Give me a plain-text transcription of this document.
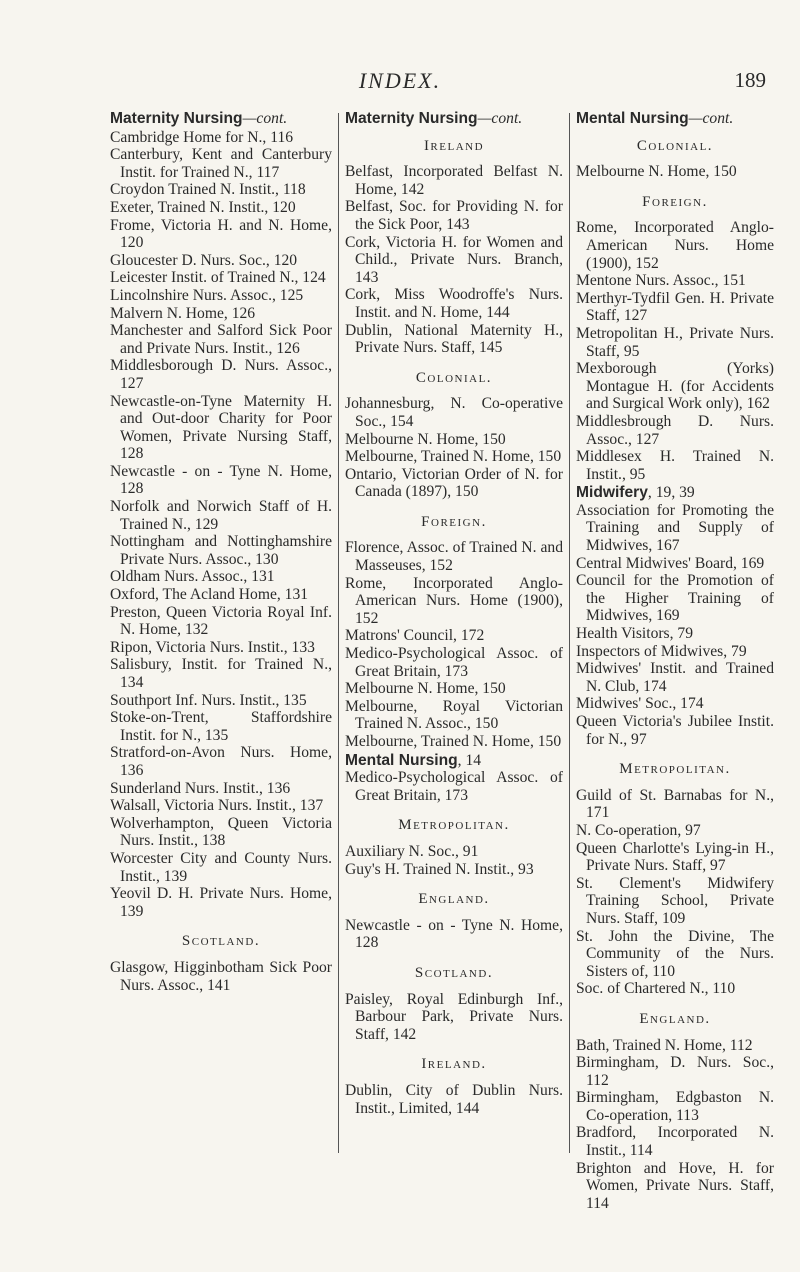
INDEX.	189
Maternity Nursing—cont.

Cambridge Home for N., 116

Canterbury, Kent and Canterbury Instit. for Trained N., 117

Croydon Trained N. Instit., 118

Exeter, Trained N. Instit., 120

Frome, Victoria H. and N. Home, 120

Gloucester D. Nurs. Soc., 120

Leicester Instit. of Trained N., 124

Lincolnshire Nurs. Assoc., 125

Malvern N. Home, 126

Manchester and Salford Sick Poor and Private Nurs. Instit., 126

Middlesborough D. Nurs. Assoc., 127

Newcastle-on-Tyne Maternity H. and Out-door Charity for Poor Women, Private Nursing Staff, 128

Newcastle - on - Tyne N. Home, 128

Norfolk and Norwich Staff of H. Trained N., 129

Nottingham and Nottinghamshire Private Nurs. Assoc., 130

Oldham Nurs. Assoc., 131

Oxford, The Acland Home, 131

Preston, Queen Victoria Royal Inf. N. Home, 132

Ripon, Victoria Nurs. Instit., 133

Salisbury, Instit. for Trained N., 134

Southport Inf. Nurs. Instit., 135

Stoke-on-Trent, Staffordshire Instit. for N., 135

Stratford-on-Avon Nurs. Home, 136

Sunderland Nurs. Instit., 136

Walsall, Victoria Nurs. Instit., 137

Wolverhampton, Queen Victoria Nurs. Instit., 138

Worcester City and County Nurs. Instit., 139

Yeovil D. H. Private Nurs. Home, 139

Scotland.

Glasgow, Higginbotham Sick Poor Nurs. Assoc., 141

Maternity Nursing—cont.
Ireland

Belfast, Incorporated Belfast N. Home, 142

Belfast, Soc. for Providing N. for the Sick Poor, 143

Cork, Victoria H. for Women and Child., Private Nurs. Branch, 143

Cork, Miss Woodroffe's Nurs. Instit. and N. Home, 144

Dublin, National Maternity H., Private Nurs. Staff, 145

Colonial.

Johannesburg, N. Co-operative Soc., 154

Melbourne N. Home, 150

Melbourne, Trained N. Home, 150

Ontario, Victorian Order of N. for Canada (1897), 150

Foreign.

Florence, Assoc. of Trained N. and Masseuses, 152

Rome, Incorporated Anglo-American Nurs. Home (1900), 152

Matrons' Council, 172

Medico-Psychological Assoc. of Great Britain, 173

Melbourne N. Home, 150

Melbourne, Royal Victorian Trained N. Assoc., 150

Melbourne, Trained N. Home, 150

Mental Nursing, 14

Medico-Psychological Assoc. of Great Britain, 173

Metropolitan.

Auxiliary N. Soc., 91

Guy's H. Trained N. Instit., 93

England.

Newcastle - on - Tyne N. Home, 128

Scotland.

Paisley, Royal Edinburgh Inf., Barbour Park, Private Nurs. Staff, 142

Ireland.

Dublin, City of Dublin Nurs. Instit., Limited, 144

Mental Nursing—cont.
Colonial.

Melbourne N. Home, 150

Foreign.

Rome, Incorporated Anglo-American Nurs. Home (1900), 152

Mentone Nurs. Assoc., 151

Merthyr-Tydfil Gen. H. Private Staff, 127

Metropolitan H., Private Nurs. Staff, 95

Mexborough (Yorks) Montague H. (for Accidents and Surgical Work only), 162

Middlesbrough D. Nurs. Assoc., 127

Middlesex H. Trained N. Instit., 95

Midwifery, 19, 39

Association for Promoting the Training and Supply of Midwives, 167

Central Midwives' Board, 169

Council for the Promotion of the Higher Training of Midwives, 169

Health Visitors, 79

Inspectors of Midwives, 79

Midwives' Instit. and Trained N. Club, 174

Midwives' Soc., 174

Queen Victoria's Jubilee Instit. for N., 97

Metropolitan.

Guild of St. Barnabas for N., 171

N. Co-operation, 97

Queen Charlotte's Lying-in H., Private Nurs. Staff, 97

St. Clement's Midwifery Training School, Private Nurs. Staff, 109

St. John the Divine, The Community of the Nurs. Sisters of, 110

Soc. of Chartered N., 110

England.

Bath, Trained N. Home, 112

Birmingham, D. Nurs. Soc., 112

Birmingham, Edgbaston N. Co-operation, 113

Bradford, Incorporated N. Instit., 114

Brighton and Hove, H. for Women, Private Nurs. Staff, 114
